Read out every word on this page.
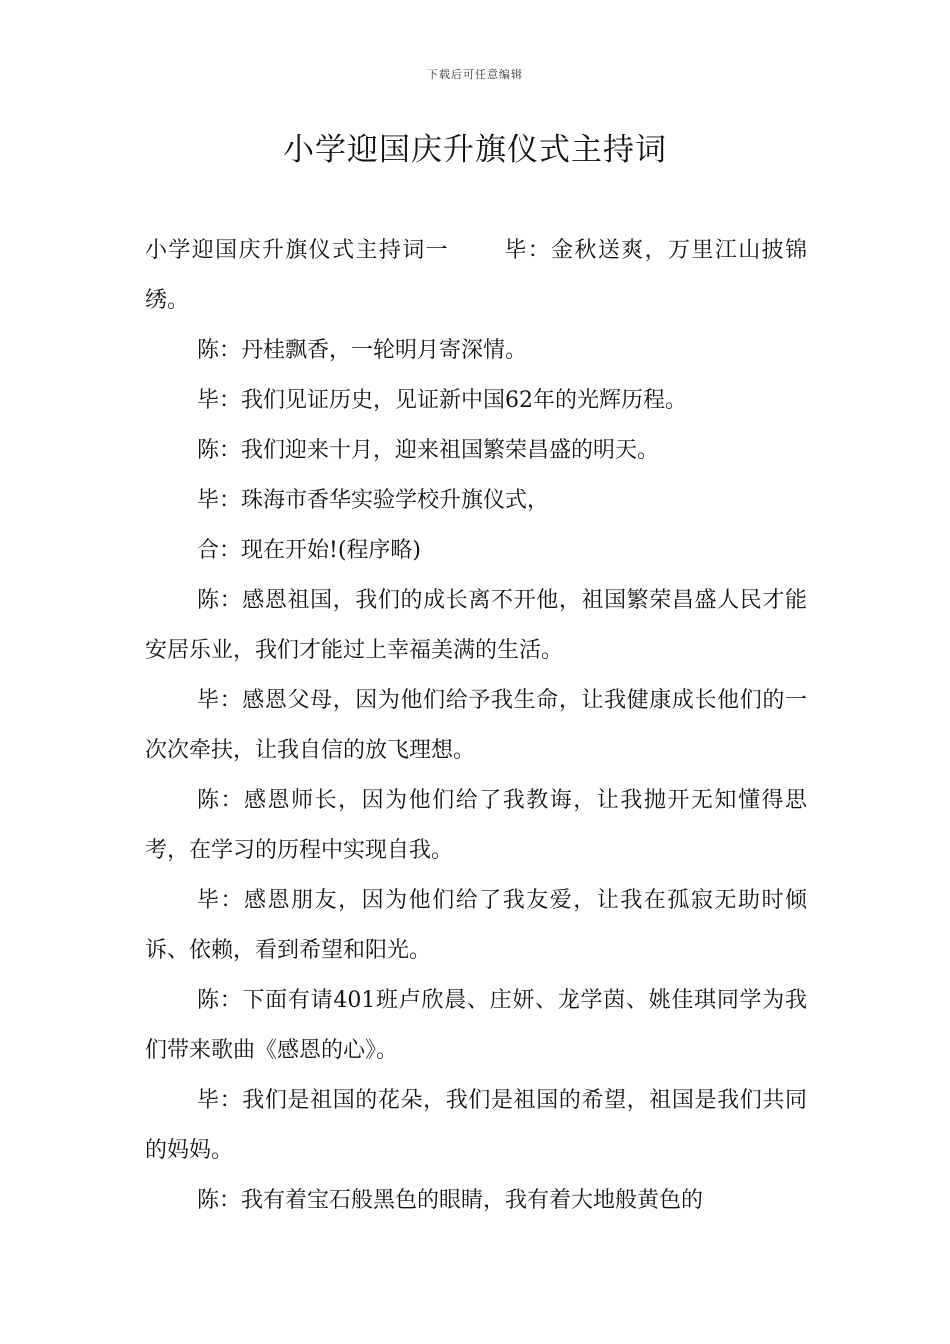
下载后可任意编辑
小学迎国庆升旗仪式主持词

小学迎国庆升旗仪式主持词一 毕：金秋送爽，万里江山披锦绣。

陈：丹桂飘香，一轮明月寄深情。

毕：我们见证历史，见证新中国62年的光辉历程。

陈：我们迎来十月，迎来祖国繁荣昌盛的明天。

毕：珠海市香华实验学校升旗仪式，

合：现在开始!(程序略)

陈：感恩祖国，我们的成长离不开他，祖国繁荣昌盛人民才能安居乐业，我们才能过上幸福美满的生活。

毕：感恩父母，因为他们给予我生命，让我健康成长他们的一次次牵扶，让我自信的放飞理想。

陈：感恩师长，因为他们给了我教诲，让我抛开无知懂得思考，在学习的历程中实现自我。

毕：感恩朋友，因为他们给了我友爱，让我在孤寂无助时倾诉、依赖，看到希望和阳光。

陈：下面有请401班卢欣晨、庄妍、龙学茵、姚佳琪同学为我们带来歌曲《感恩的心》。

毕：我们是祖国的花朵，我们是祖国的希望，祖国是我们共同的妈妈。

陈：我有着宝石般黑色的眼睛，我有着大地般黄色的
